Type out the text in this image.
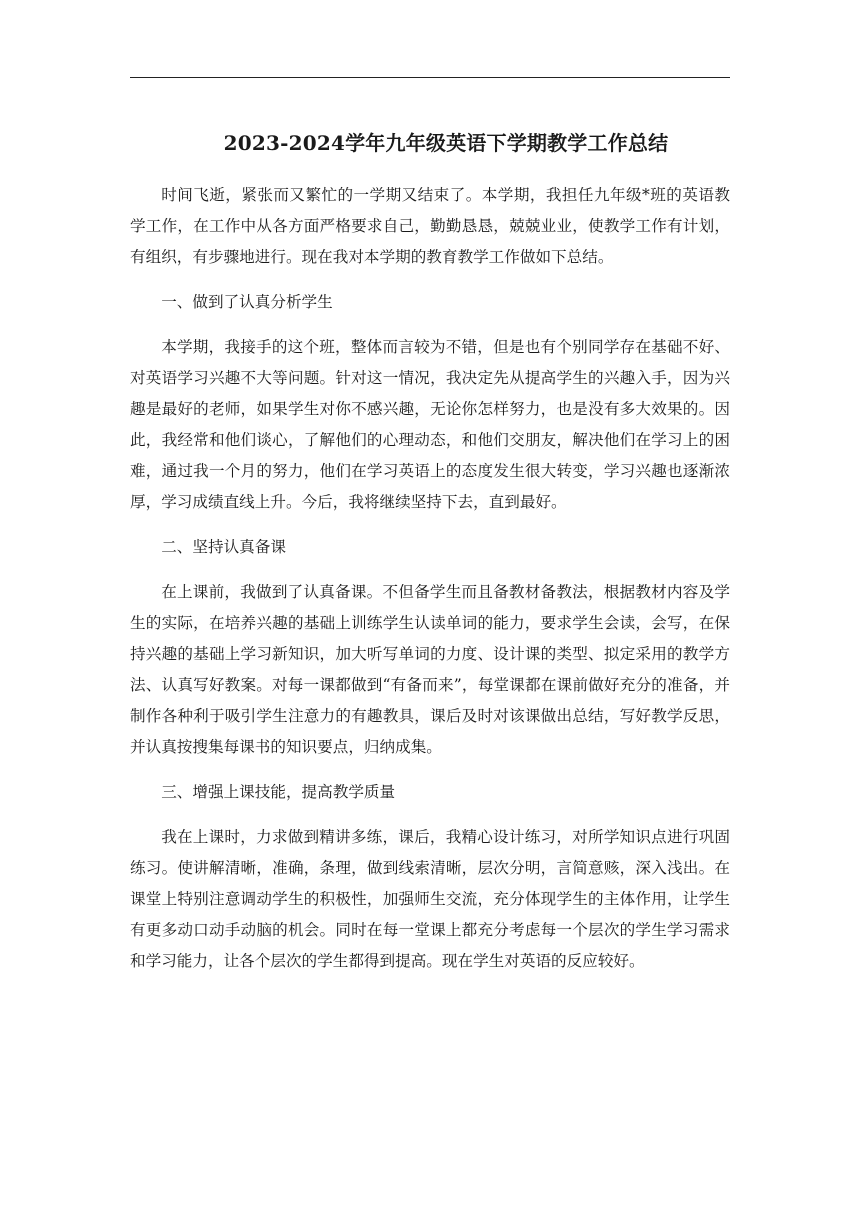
2023-2024学年九年级英语下学期教学工作总结

时间飞逝，紧张而又繁忙的一学期又结束了。本学期，我担任九年级*班的英语教学工作，在工作中从各方面严格要求自己，勤勤恳恳，兢兢业业，使教学工作有计划，有组织，有步骤地进行。现在我对本学期的教育教学工作做如下总结。

一、做到了认真分析学生

本学期，我接手的这个班，整体而言较为不错，但是也有个别同学存在基础不好、对英语学习兴趣不大等问题。针对这一情况，我决定先从提高学生的兴趣入手，因为兴趣是最好的老师，如果学生对你不感兴趣，无论你怎样努力，也是没有多大效果的。因此，我经常和他们谈心，了解他们的心理动态，和他们交朋友，解决他们在学习上的困难，通过我一个月的努力，他们在学习英语上的态度发生很大转变，学习兴趣也逐渐浓厚，学习成绩直线上升。今后，我将继续坚持下去，直到最好。

二、坚持认真备课

在上课前，我做到了认真备课。不但备学生而且备教材备教法，根据教材内容及学生的实际，在培养兴趣的基础上训练学生认读单词的能力，要求学生会读，会写，在保持兴趣的基础上学习新知识，加大听写单词的力度、设计课的类型、拟定采用的教学方法、认真写好教案。对每一课都做到“有备而来”，每堂课都在课前做好充分的准备，并制作各种利于吸引学生注意力的有趣教具，课后及时对该课做出总结，写好教学反思，并认真按搜集每课书的知识要点，归纳成集。

三、增强上课技能，提高教学质量

我在上课时，力求做到精讲多练，课后，我精心设计练习，对所学知识点进行巩固练习。使讲解清晰，准确，条理，做到线索清晰，层次分明，言简意赅，深入浅出。在课堂上特别注意调动学生的积极性，加强师生交流，充分体现学生的主体作用，让学生有更多动口动手动脑的机会。同时在每一堂课上都充分考虑每一个层次的学生学习需求和学习能力，让各个层次的学生都得到提高。现在学生对英语的反应较好。
